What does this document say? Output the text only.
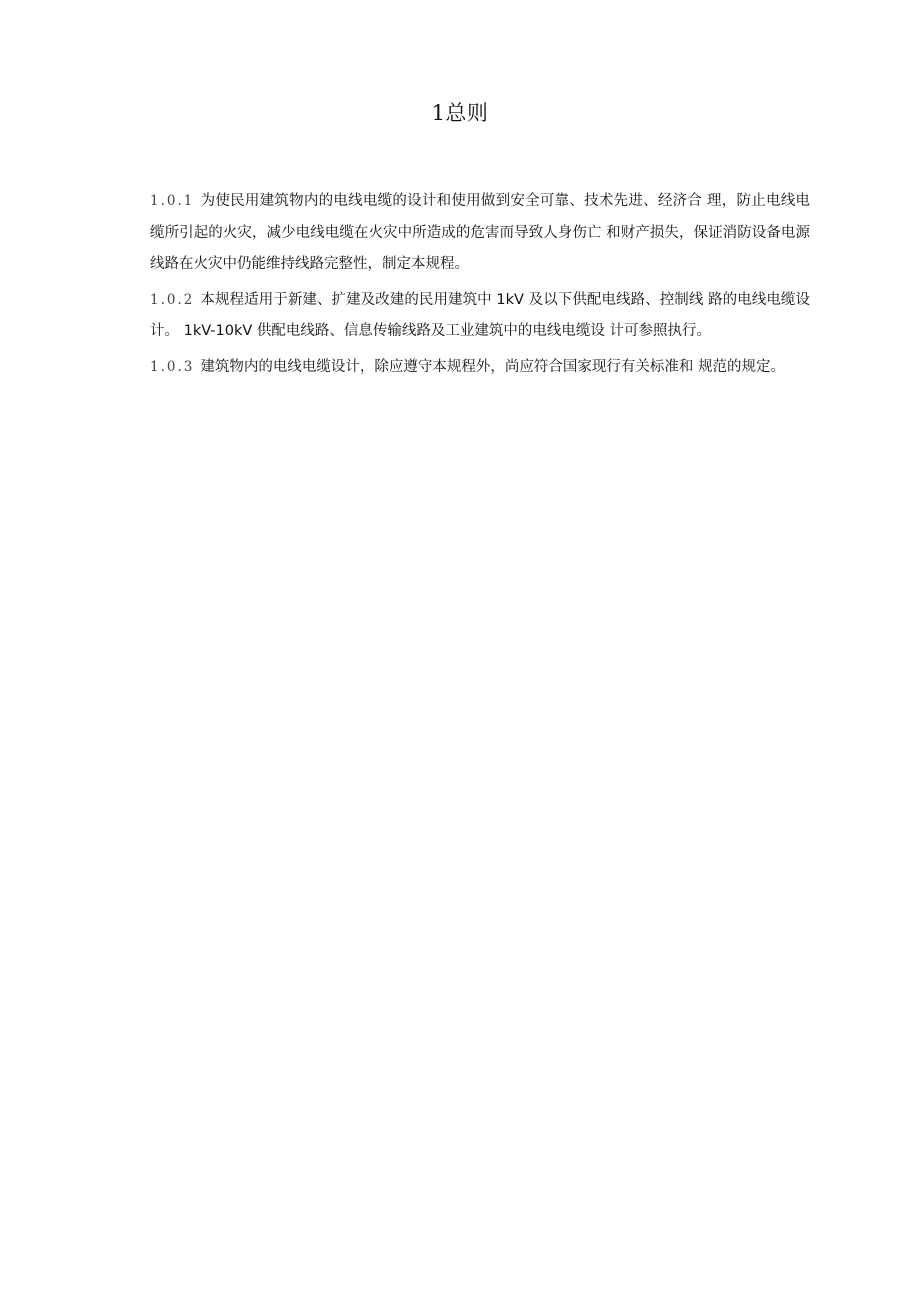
1总则

1.0.1 为使民用建筑物内的电线电缆的设计和使用做到安全可靠、技术先进、经济合 理，防止电线电缆所引起的火灾，减少电线电缆在火灾中所造成的危害而导致人身伤亡 和财产损失，保证消防设备电源线路在火灾中仍能维持线路完整性，制定本规程。

1.0.2 本规程适用于新建、扩建及改建的民用建筑中 1kV 及以下供配电线路、控制线 路的电线电缆设计。 1kV-10kV 供配电线路、信息传输线路及工业建筑中的电线电缆设 计可参照执行。

1.0.3 建筑物内的电线电缆设计，除应遵守本规程外，尚应符合国家现行有关标准和 规范的规定。
